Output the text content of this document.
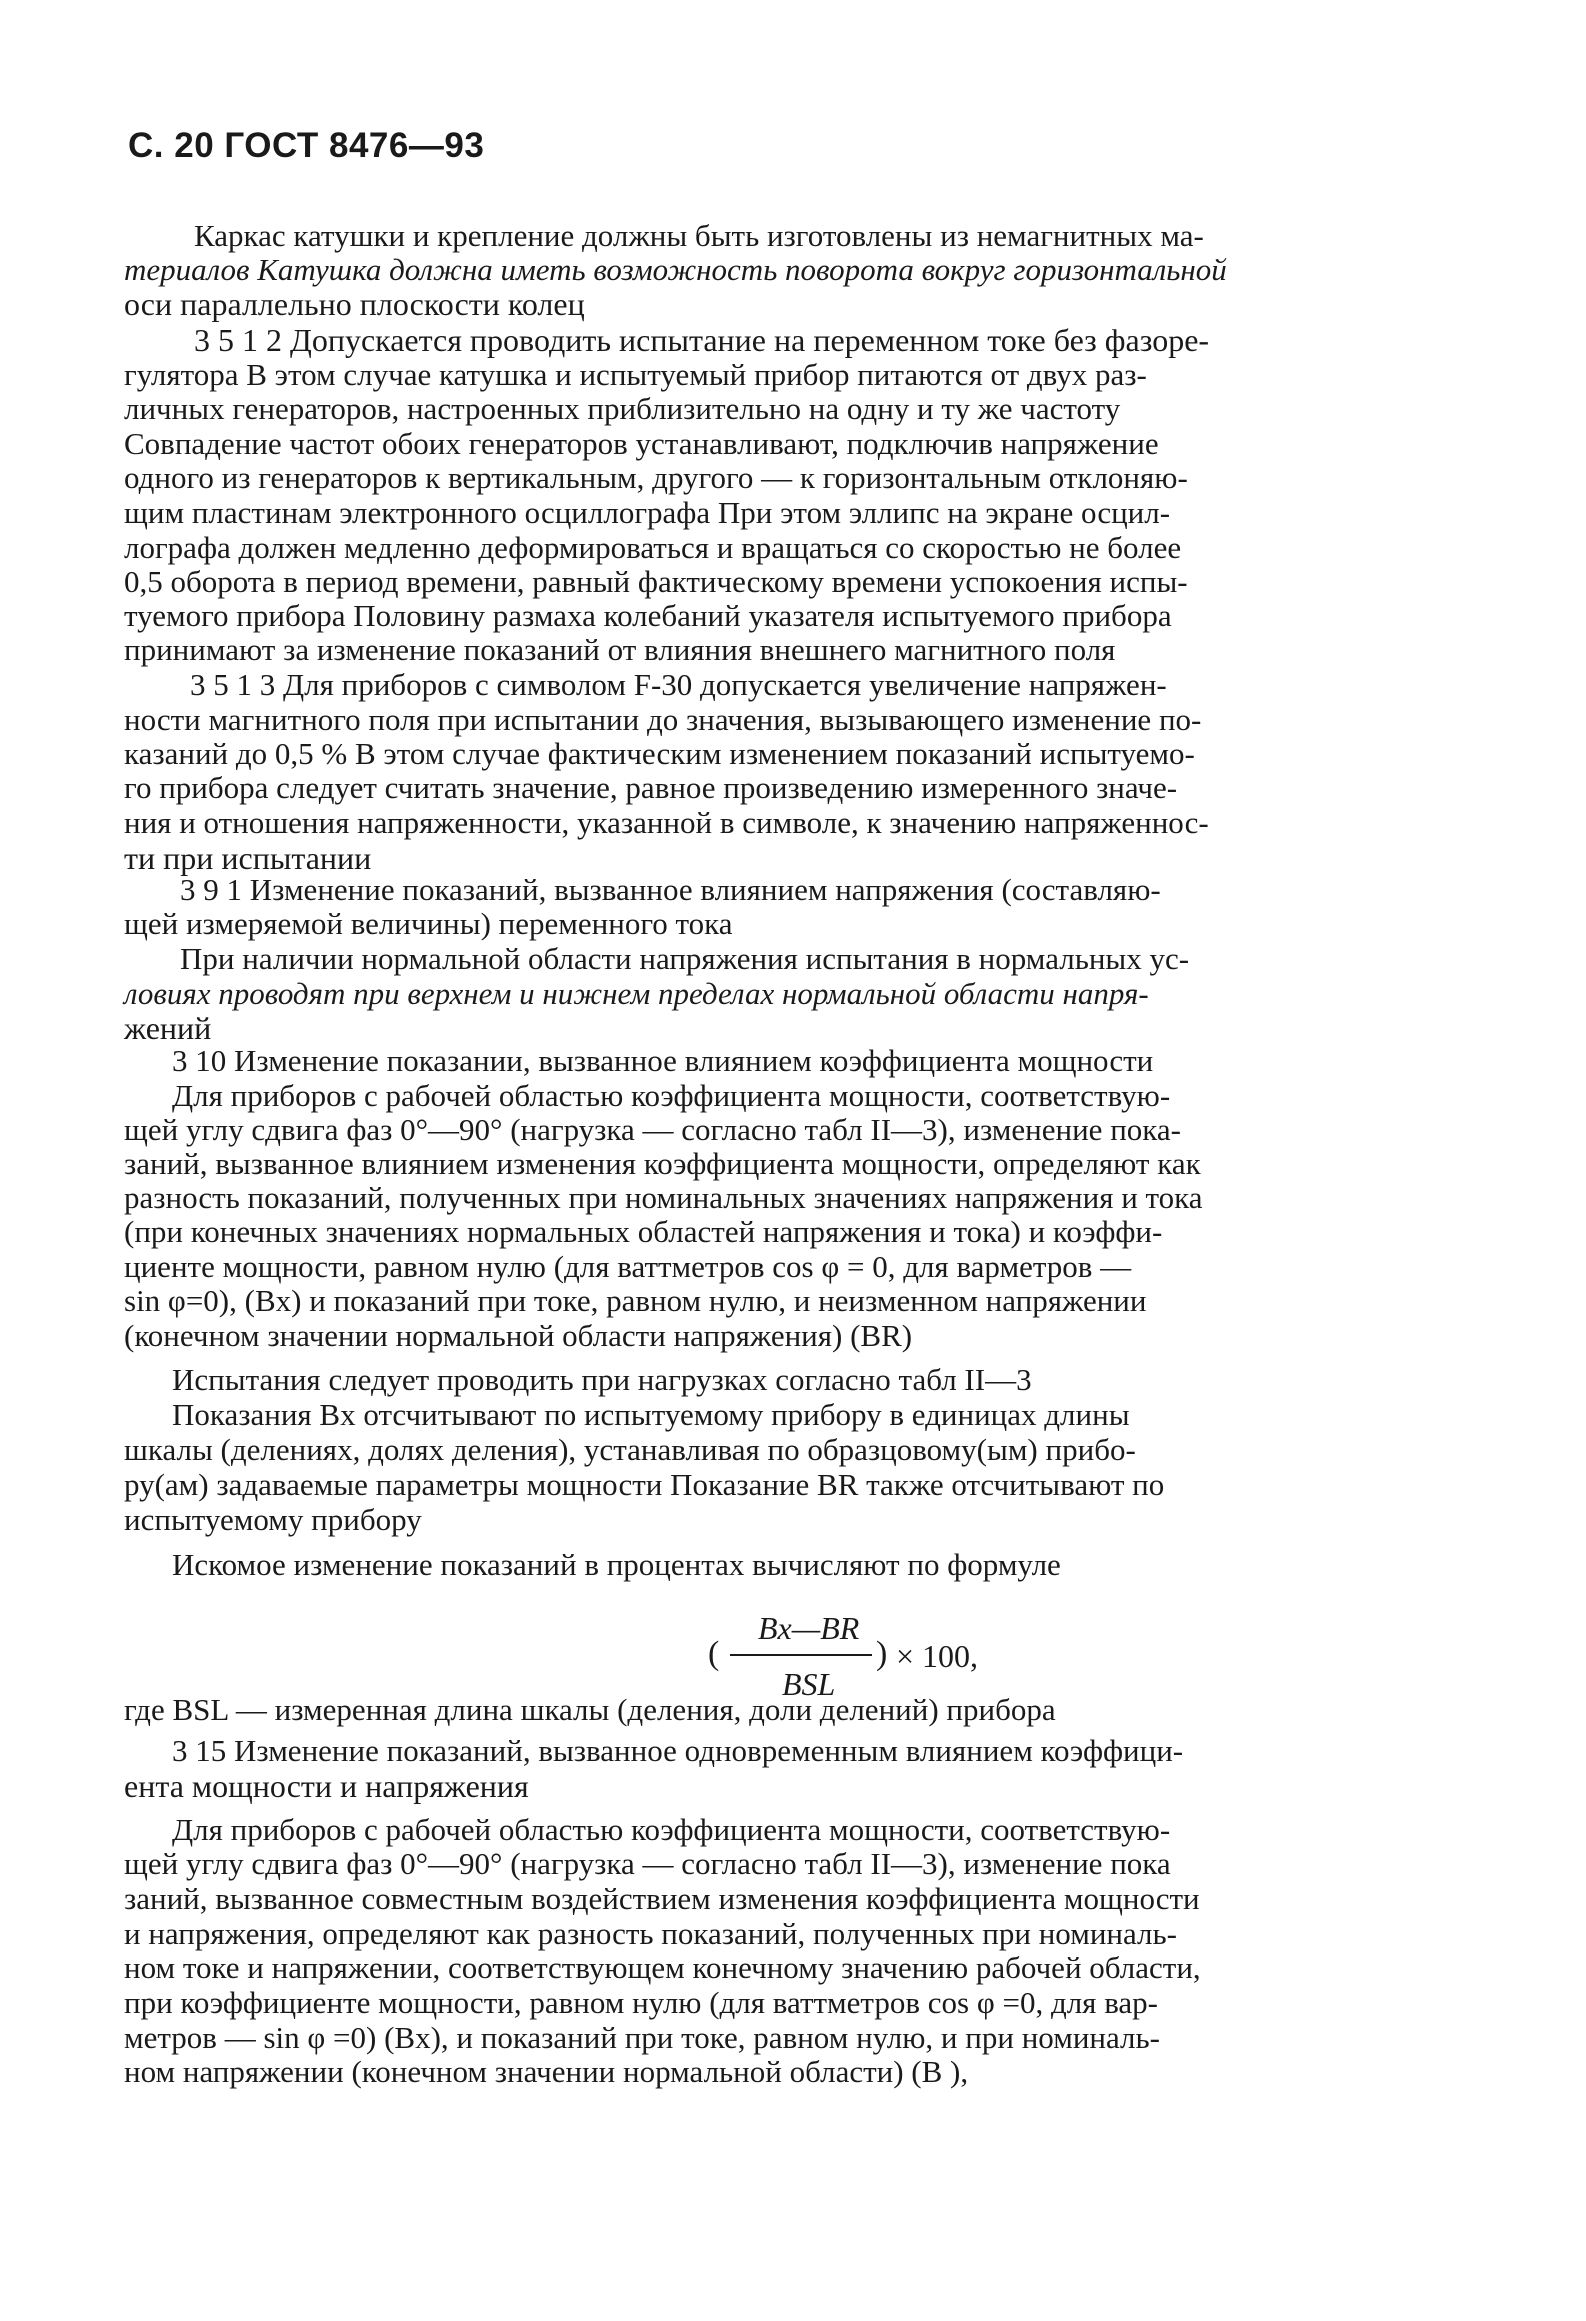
С. 20 ГОСТ 8476—93
Каркас катушки и крепление должны быть изготовлены из немагнитных ма-
териалов Катушка должна иметь возможность поворота вокруг горизонтальной
оси параллельно плоскости колец
3 5 1 2 Допускается проводить испытание на переменном токе без фазоре-
гулятора В этом случае катушка и испытуемый прибор питаются от двух раз-
личных генераторов, настроенных приблизительно на одну и ту же частоту
Совпадение частот обоих генераторов устанавливают, подключив напряжение
одного из генераторов к вертикальным, другого — к горизонтальным отклоняю-
щим пластинам электронного осциллографа При этом эллипс на экране осцил-
лографа должен медленно деформироваться и вращаться со скоростью не более
0,5 оборота в период времени, равный фактическому времени успокоения испы-
туемого прибора Половину размаха колебаний указателя испытуемого прибора
принимают за изменение показаний от влияния внешнего магнитного поля
3 5 1 3 Для приборов с символом F-30 допускается увеличение напряжен-
ности магнитного поля при испытании до значения, вызывающего изменение по-
казаний до 0,5 % В этом случае фактическим изменением показаний испытуемо-
го прибора следует считать значение, равное произведению измеренного значе-
ния и отношения напряженности, указанной в символе, к значению напряженнос-
ти при испытании
3 9 1 Изменение показаний, вызванное влиянием напряжения (составляю-
щей измеряемой величины) переменного тока
При наличии нормальной области напряжения испытания в нормальных ус-
ловиях проводят при верхнем и нижнем пределах нормальной области напря-
жений
3 10 Изменение показании, вызванное влиянием коэффициента мощности
Для приборов с рабочей областью коэффициента мощности, соответствую-
щей углу сдвига фаз 0°—90° (нагрузка — согласно табл II—3), изменение пока-
заний, вызванное влиянием изменения коэффициента мощности, определяют как
разность показаний, полученных при номинальных значениях напряжения и тока
(при конечных значениях нормальных областей напряжения и тока) и коэффи-
циенте мощности, равном нулю (для ваттметров cos φ = 0, для варметров —
sin φ=0), (Bx) и показаний при токе, равном нулю, и неизменном напряжении
(конечном значении нормальной области напряжения) (BR)
Испытания следует проводить при нагрузках согласно табл II—3
Показания Bx отсчитывают по испытуемому прибору в единицах длины
шкалы (делениях, долях деления), устанавливая по образцовому(ым) прибо-
ру(ам) задаваемые параметры мощности Показание BR также отсчитывают по
испытуемому прибору
Искомое изменение показаний в процентах вычисляют по формуле
(
Bx—BR
BSL
) × 100,
где BSL — измеренная длина шкалы (деления, доли делений) прибора
3 15 Изменение показаний, вызванное одновременным влиянием коэффици-
ента мощности и напряжения
Для приборов с рабочей областью коэффициента мощности, соответствую-
щей углу сдвига фаз 0°—90° (нагрузка — согласно табл II—3), изменение пока
заний, вызванное совместным воздействием изменения коэффициента мощности
и напряжения, определяют как разность показаний, полученных при номиналь-
ном токе и напряжении, соответствующем конечному значению рабочей области,
при коэффициенте мощности, равном нулю (для ваттметров cos φ =0, для вар-
метров — sin φ =0) (Bx), и показаний при токе, равном нулю, и при номиналь-
ном напряжении (конечном значении нормальной области) (B ),
